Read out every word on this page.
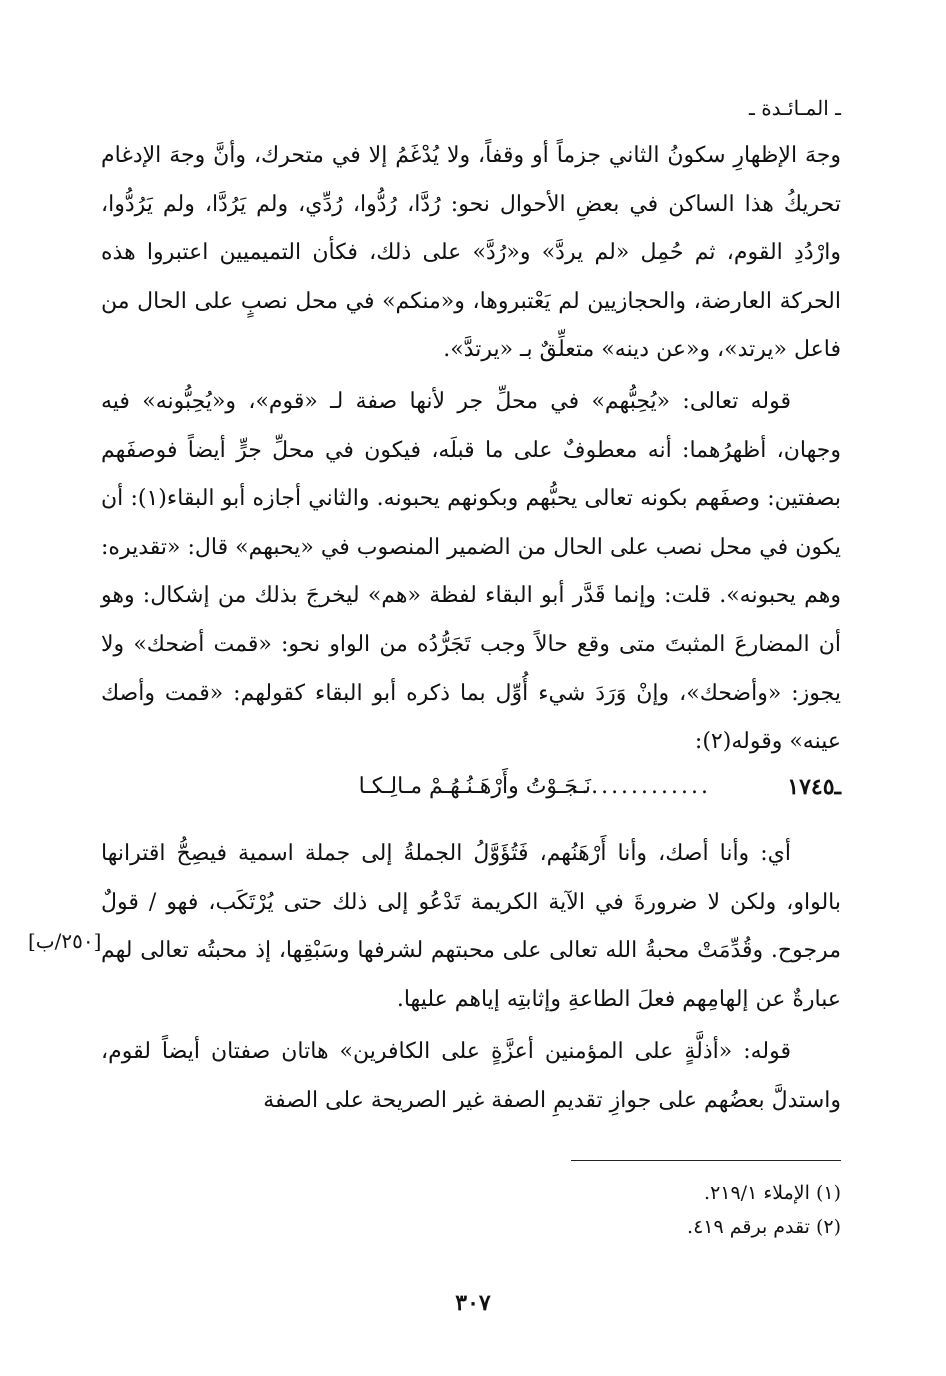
ـ المـائـدة ـ
وجهَ الإظهارِ سكونُ الثاني جزماً أو وقفاً، ولا يُدْغَمُ إلا في متحرك، وأنَّ وجهَ الإدغام تحريكُ هذا الساكن في بعضِ الأحوال نحو: رُدَّا، رُدُّوا، رُدِّي، ولم يَرُدَّا، ولم يَرُدُّوا، وارْدُدِ القوم، ثم حُمِل «لم يردَّ» و«رُدَّ» على ذلك، فكأن التميميين اعتبروا هذه الحركة العارضة، والحجازيين لم يَعْتبروها، و«منكم» في محل نصبٍ على الحال من فاعل «يرتد»، و«عن دينه» متعلِّقٌ بـ «يرتدَّ».
قوله تعالى: «يُحِبُّهم» في محلِّ جر لأنها صفة لـ «قوم»، و«يُحِبُّونه» فيه وجهان، أظهرُهما: أنه معطوفٌ على ما قبلَه، فيكون في محلِّ جرٍّ أيضاً فوصفَهم بصفتين: وصفَهم بكونه تعالى يحبُّهم وبكونهم يحبونه. والثاني أجازه أبو البقاء(١): أن يكون في محل نصب على الحال من الضمير المنصوب في «يحبهم» قال: «تقديره: وهم يحبونه». قلت: وإنما قَدَّر أبو البقاء لفظة «هم» ليخرجَ بذلك من إشكال: وهو أن المضارعَ المثبتَ متى وقع حالاً وجب تَجَرُّدُه من الواو نحو: «قمت أضحك» ولا يجوز: «وأضحك»، وإنْ وَرَدَ شيء أُوِّل بما ذكره أبو البقاء كقولهم: «قمت وأصك عينه» وقوله(٢):
ـ١٧٤٥
..............
نَـجَـوْتُ وأَرْهَـنُـهُـمْ مـالِـكـا
أي: وأنا أصك، وأنا أَرْهَنُهم، فَتُؤَوَّلُ الجملةُ إلى جملة اسمية فيصِحُّ اقترانها بالواو، ولكن لا ضرورةَ في الآية الكريمة تَدْعُو إلى ذلك حتى يُرْتَكَب، فهو / قولٌ مرجوح. وقُدِّمَتْ محبةُ الله تعالى على محبتهم لشرفها وسَبْقِها، إذ محبتُه تعالى لهم عبارةٌ عن إلهامِهم فعلَ الطاعةِ وإثابتِه إياهم عليها.
[٢٥٠/ب]
قوله: «أذلَّةٍ على المؤمنين أعزَّةٍ على الكافرين» هاتان صفتان أيضاً لقوم، واستدلَّ بعضُهم على جوازِ تقديمِ الصفة غير الصريحة على الصفة
(١) الإملاء ٢١٩/١.
(٢) تقدم برقم ٤١٩.
٣٠٧
